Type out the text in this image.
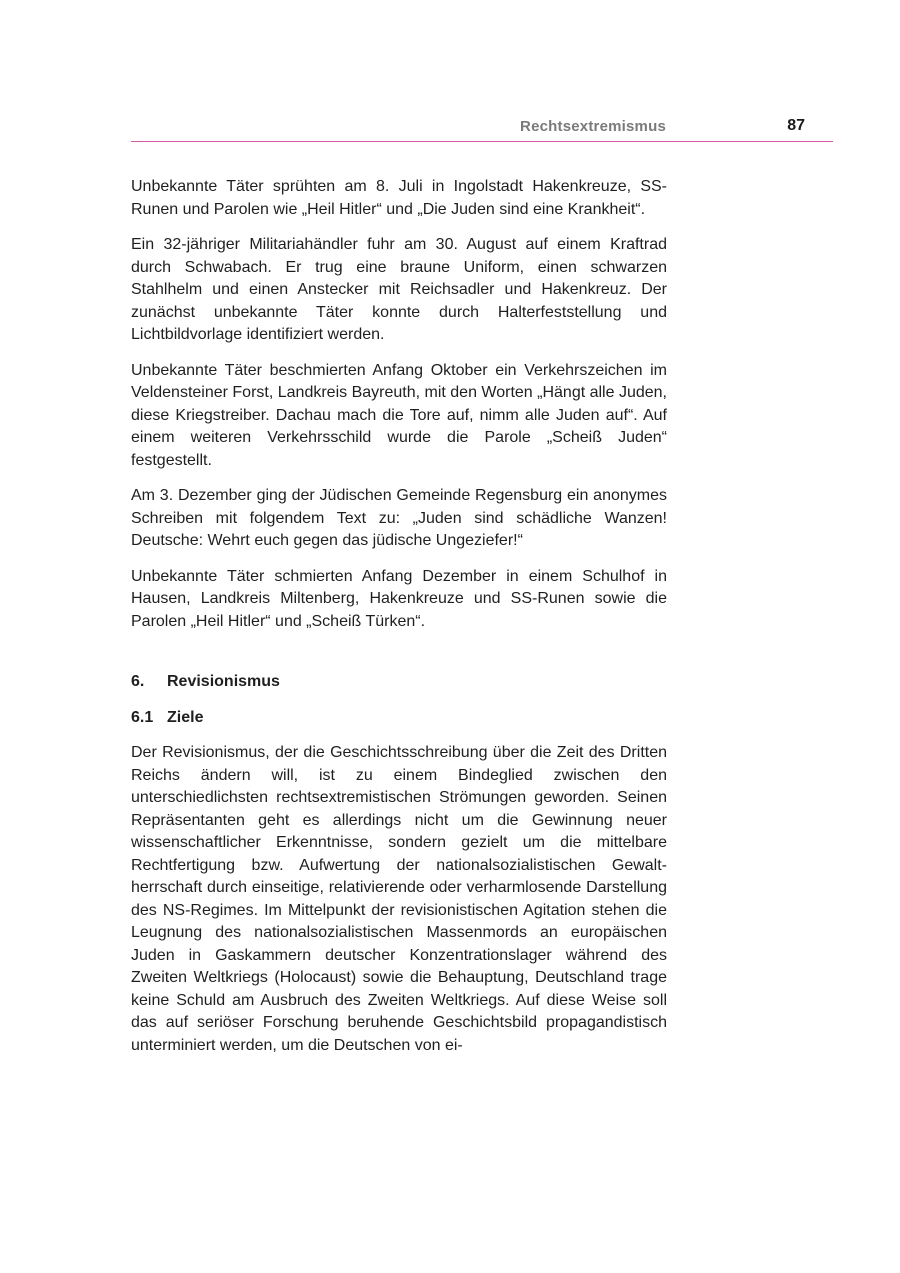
Rechtsextremismus	87

Unbekannte Täter sprühten am 8. Juli in Ingolstadt Hakenkreuze, SS-Runen und Parolen wie „Heil Hitler“ und „Die Juden sind eine Krankheit“.

Ein 32-jähriger Militariahändler fuhr am 30. August auf einem Kraftrad durch Schwabach. Er trug eine braune Uniform, einen schwarzen Stahlhelm und einen Anstecker mit Reichsadler und Hakenkreuz. Der zunächst unbekannte Täter konnte durch Halterfeststellung und Lichtbildvorlage identifiziert werden.

Unbekannte Täter beschmierten Anfang Oktober ein Verkehrszeichen im Veldensteiner Forst, Landkreis Bayreuth, mit den Worten „Hängt alle Juden, diese Kriegstreiber. Dachau mach die Tore auf, nimm alle Juden auf“. Auf einem weiteren Verkehrsschild wurde die Parole „Scheiß Juden“ festgestellt.

Am 3. Dezember ging der Jüdischen Gemeinde Regensburg ein anonymes Schreiben mit folgendem Text zu: „Juden sind schädliche Wanzen! Deutsche: Wehrt euch gegen das jüdische Ungeziefer!“

Unbekannte Täter schmierten Anfang Dezember in einem Schulhof in Hausen, Landkreis Miltenberg, Hakenkreuze und SS-Runen sowie die Parolen „Heil Hitler“ und „Scheiß Türken“.

6. Revisionismus
6.1 Ziele

Der Revisionismus, der die Geschichtsschreibung über die Zeit des Dritten Reichs ändern will, ist zu einem Bindeglied zwischen den unterschiedlichsten rechtsextremistischen Strömungen geworden. Seinen Repräsentanten geht es allerdings nicht um die Gewinnung neuer wissenschaftlicher Erkenntnisse, sondern gezielt um die mittelbare Rechtfertigung bzw. Aufwertung der nationalsozialistischen Gewaltherrschaft durch einseitige, relativierende oder verharmlosende Darstellung des NS-Regimes. Im Mittelpunkt der revisionistischen Agitation stehen die Leugnung des nationalsozialistischen Massenmords an europäischen Juden in Gaskammern deutscher Konzentrationslager während des Zweiten Weltkriegs (Holocaust) sowie die Behauptung, Deutschland trage keine Schuld am Ausbruch des Zweiten Weltkriegs. Auf diese Weise soll das auf seriöser Forschung beruhende Geschichtsbild propagandistisch unterminiert werden, um die Deutschen von ei-
